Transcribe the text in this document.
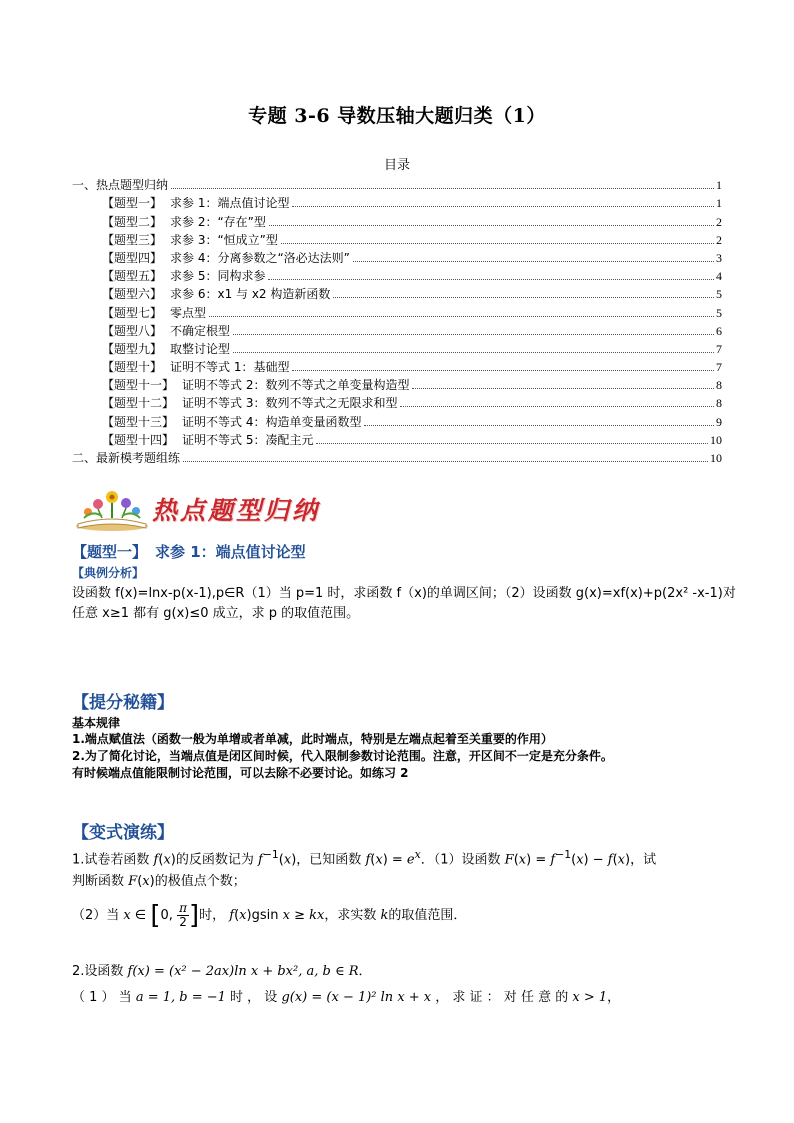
专题 3-6 导数压轴大题归类（1）
目录
一、热点题型归纳	1
【题型一】 求参 1：端点值讨论型	1
【题型二】 求参 2：“存在”型	2
【题型三】 求参 3：“恒成立”型	2
【题型四】 求参 4：分离参数之“洛必达法则”	3
【题型五】 求参 5：同构求参	4
【题型六】 求参 6：x1 与 x2 构造新函数	5
【题型七】 零点型	5
【题型八】 不确定根型	6
【题型九】 取整讨论型	7
【题型十】 证明不等式 1：基础型	7
【题型十一】 证明不等式 2：数列不等式之单变量构造型	8
【题型十二】 证明不等式 3：数列不等式之无限求和型	8
【题型十三】 证明不等式 4：构造单变量函数型	9
【题型十四】 证明不等式 5：凑配主元	10
二、最新模考题组练	10
热点题型归纳
【题型一】 求参 1：端点值讨论型
【典例分析】
设函数 f(x)=lnx-p(x-1),p∈R（1）当 p=1 时，求函数 f（x)的单调区间；（2）设函数 g(x)=xf(x)+p(2x² -x-1)对
任意 x≥1 都有 g(x)≤0 成立，求 p 的取值范围。
【提分秘籍】
基本规律
1.端点赋值法（函数一般为单增或者单减，此时端点，特别是左端点起着至关重要的作用）
2.为了简化讨论，当端点值是闭区间时候，代入限制参数讨论范围。注意，开区间不一定是充分条件。
有时候端点值能限制讨论范围，可以去除不必要讨论。如练习 2
【变式演练】
1.试卷若函数 f(x)的反函数记为 $f^{-1}(x)$，已知函数 $f(x) = e^x$．（1）设函数 $F(x) = f^{-1}(x) - f(x)$，试
判断函数 F(x)的极值点个数；
（2）当 x ∈ [0, $\frac{\pi}{2}$ ]时， f(x)gsin x ≥ kx，求实数 k的取值范围．
2.设函数 f(x) = (x² − 2ax)ln x + bx², a, b ∈ R．
（ 1 ） 当 a = 1, b = −1 时 ， 设 g(x) = (x − 1)² ln x + x ， 求 证 ： 对 任 意 的 x > 1，
